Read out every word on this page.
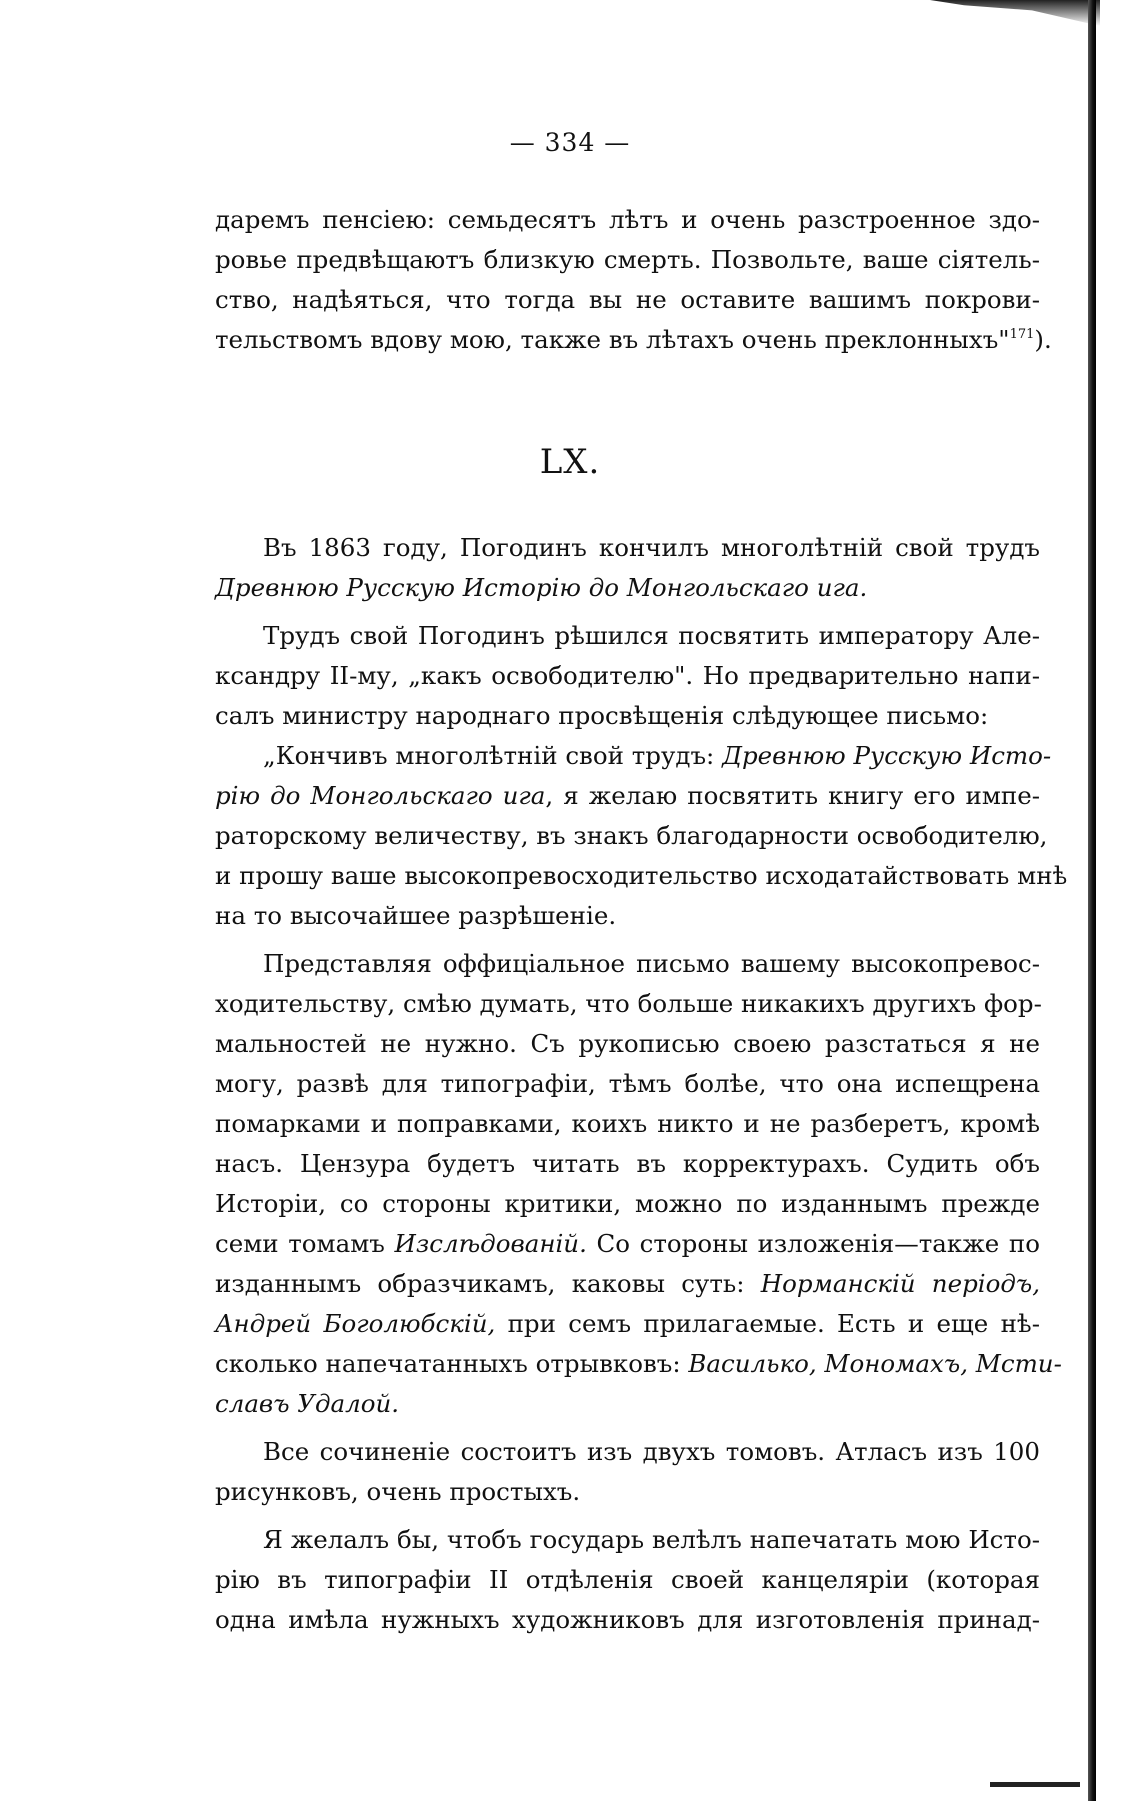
— 334 —
даремъ пенсiею: семьдесятъ лѣтъ и очень разстроенное здо-
ровье предвѣщаютъ близкую смерть. Позвольте, ваше сiятель-
ство, надѣяться, что тогда вы не оставите вашимъ покрови-
тельствомъ вдову мою, также въ лѣтахъ очень преклонныхъ"$^{171}$).
LX.
Въ 1863 году, Погодинъ кончилъ многолѣтнiй свой трудъ
Древнюю Русскую Исторiю до Монгольскаго ига.
Трудъ свой Погодинъ рѣшился посвятить императору Але-
ксандру II-му, „какъ освободителю". Но предварительно напи-
салъ министру народнаго просвѣщенiя слѣдующее письмо:
„Кончивъ многолѣтнiй свой трудъ: Древнюю Русскую Исто-
рiю до Монгольскаго ига, я желаю посвятить книгу его импе-
раторскому величеству, въ знакъ благодарности освободителю,
и прошу ваше высокопревосходительство исходатайствовать мнѣ
на то высочайшее разрѣшенiе.
Представляя оффицiальное письмо вашему высокопревос-
ходительству, смѣю думать, что больше никакихъ другихъ фор-
мальностей не нужно. Съ рукописью своею разстаться я не
могу, развѣ для типографiи, тѣмъ болѣе, что она испещрена
помарками и поправками, коихъ никто и не разберетъ, кромѣ
насъ. Цензура будетъ читать въ корректурахъ. Судить объ
Исторiи, со стороны критики, можно по изданнымъ прежде
семи томамъ Изслѣдованiй. Со стороны изложенiя—также по
изданнымъ образчикамъ, каковы суть: Норманскiй перiодъ,
Андрей Боголюбскiй, при семъ прилагаемые. Есть и еще нѣ-
сколько напечатанныхъ отрывковъ: Василько, Мономахъ, Мсти-
славъ Удалой.
Все сочиненiе состоитъ изъ двухъ томовъ. Атласъ изъ 100
рисунковъ, очень простыхъ.
Я желалъ бы, чтобъ государь велѣлъ напечатать мою Исто-
рiю въ типографiи II отдѣленiя своей канцелярiи (которая
одна имѣла нужныхъ художниковъ для изготовленiя принад-
